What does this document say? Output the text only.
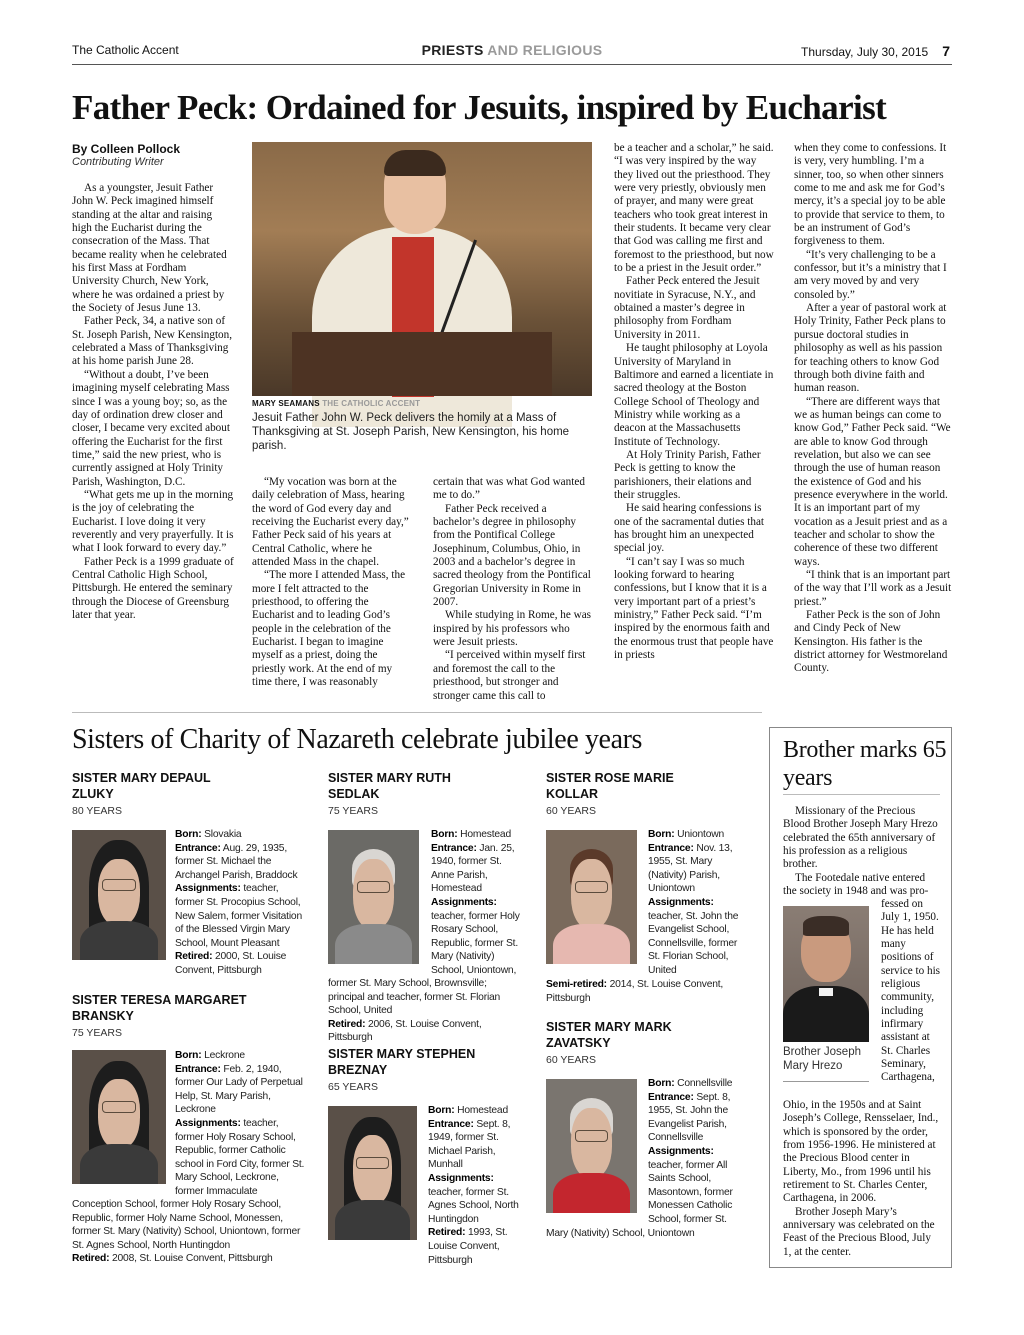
The Catholic Accent	PRIESTS AND RELIGIOUS	Thursday, July 30, 2015 7
Father Peck: Ordained for Jesuits, inspired by Eucharist
By Colleen Pollock
Contributing Writer

As a youngster, Jesuit Father John W. Peck imagined himself standing at the altar and raising high the Eucharist during the consecration of the Mass. That became reality when he celebrated his first Mass at Fordham University Church, New York, where he was ordained a priest by the Society of Jesus June 13.

Father Peck, 34, a native son of St. Joseph Parish, New Kensington, celebrated a Mass of Thanksgiving at his home parish June 28.

“Without a doubt, I’ve been imagining myself celebrating Mass since I was a young boy; so, as the day of ordination drew closer and closer, I became very excited about offering the Eucharist for the first time,” said the new priest, who is currently assigned at Holy Trinity Parish, Washington, D.C.

“What gets me up in the morning is the joy of celebrating the Eucharist. I love doing it very reverently and very prayerfully. It is what I look forward to every day.”

Father Peck is a 1999 graduate of Central Catholic High School, Pittsburgh. He entered the seminary through the Diocese of Greensburg later that year.

MARY SEAMANS THE CATHOLIC ACCENT
Jesuit Father John W. Peck delivers the homily at a Mass of Thanksgiving at St. Joseph Parish, New Kensington, his home parish.

“My vocation was born at the daily celebration of Mass, hearing the word of God every day and receiving the Eucharist every day,” Father Peck said of his years at Central Catholic, where he attended Mass in the chapel.

“The more I attended Mass, the more I felt attracted to the priesthood, to offering the Eucharist and to leading God’s people in the celebration of the Eucharist. I began to imagine myself as a priest, doing the priestly work. At the end of my time there, I was reasonably

certain that was what God wanted me to do.”

Father Peck received a bachelor’s degree in philosophy from the Pontifical College Josephinum, Columbus, Ohio, in 2003 and a bachelor’s degree in sacred theology from the Pontifical Gregorian University in Rome in 2007.

While studying in Rome, he was inspired by his professors who were Jesuit priests.

“I perceived within myself first and foremost the call to the priesthood, but stronger and stronger came this call to

be a teacher and a scholar,” he said. “I was very inspired by the way they lived out the priesthood. They were very priestly, obviously men of prayer, and many were great teachers who took great interest in their students. It became very clear that God was calling me first and foremost to the priesthood, but now to be a priest in the Jesuit order.”

Father Peck entered the Jesuit novitiate in Syracuse, N.Y., and obtained a master’s degree in philosophy from Fordham University in 2011.

He taught philosophy at Loyola University of Maryland in Baltimore and earned a licentiate in sacred theology at the Boston College School of Theology and Ministry while working as a deacon at the Massachusetts Institute of Technology.

At Holy Trinity Parish, Father Peck is getting to know the parishioners, their elations and their struggles.

He said hearing confessions is one of the sacramental duties that has brought him an unexpected special joy.

“I can’t say I was so much looking forward to hearing confessions, but I know that it is a very important part of a priest’s ministry,” Father Peck said. “I’m inspired by the enormous faith and the enormous trust that people have in priests

when they come to confessions. It is very, very humbling. I’m a sinner, too, so when other sinners come to me and ask me for God’s mercy, it’s a special joy to be able to provide that service to them, to be an instrument of God’s forgiveness to them.

“It’s very challenging to be a confessor, but it’s a ministry that I am very moved by and very consoled by.”

After a year of pastoral work at Holy Trinity, Father Peck plans to pursue doctoral studies in philosophy as well as his passion for teaching others to know God through both divine faith and human reason.

“There are different ways that we as human beings can come to know God,” Father Peck said. “We are able to know God through revelation, but also we can see through the use of human reason the existence of God and his presence everywhere in the world. It is an important part of my vocation as a Jesuit priest and as a teacher and scholar to show the coherence of these two different ways.

“I think that is an important part of the way that I’ll work as a Jesuit priest.”

Father Peck is the son of John and Cindy Peck of New Kensington. His father is the district attorney for Westmoreland County.

Sisters of Charity of Nazareth celebrate jubilee years
SISTER MARY DEPAUL ZLUKY
80 YEARS
Born: Slovakia
Entrance: Aug. 29, 1935, former St. Michael the Archangel Parish, Braddock
Assignments: teacher, former St. Procopius School, New Salem, former Visitation of the Blessed Virgin Mary School, Mount Pleasant
Retired: 2000, St. Louise Convent, Pittsburgh
SISTER TERESA MARGARET BRANSKY
75 YEARS
Born: Leckrone
Entrance: Feb. 2, 1940, former Our Lady of Perpetual Help, St. Mary Parish, Leckrone
Assignments: teacher, former Holy Rosary School, Republic, former Catholic school in Ford City, former St. Mary School, Leckrone, former Immaculate
Conception School, former Holy Rosary School, Republic, former Holy Name School, Monessen, former St. Mary (Nativity) School, Uniontown, former St. Agnes School, North Huntingdon
Retired: 2008, St. Louise Convent, Pittsburgh
SISTER MARY RUTH SEDLAK
75 YEARS
Born: Homestead
Entrance: Jan. 25, 1940, former St. Anne Parish, Homestead
Assignments: teacher, former Holy Rosary School, Republic, former St. Mary (Nativity) School, Uniontown,
former St. Mary School, Brownsville; principal and teacher, former St. Florian School, United
Retired: 2006, St. Louise Convent, Pittsburgh
SISTER MARY STEPHEN BREZNAY
65 YEARS
Born: Homestead
Entrance: Sept. 8, 1949, former St. Michael Parish, Munhall
Assignments: teacher, former St. Agnes School, North Huntingdon
Retired: 1993, St. Louise Convent, Pittsburgh
SISTER ROSE MARIE KOLLAR
60 YEARS
Born: Uniontown
Entrance: Nov. 13, 1955, St. Mary (Nativity) Parish, Uniontown
Assignments: teacher, St. John the Evangelist School, Connellsville, former St. Florian School, United
Semi-retired: 2014, St. Louise Convent, Pittsburgh
SISTER MARY MARK ZAVATSKY
60 YEARS
Born: Connellsville
Entrance: Sept. 8, 1955, St. John the Evangelist Parish, Connellsville
Assignments: teacher, former All Saints School, Masontown, former Monessen Catholic School, former St.
Mary (Nativity) School, Uniontown
Brother marks 65 years

Missionary of the Precious Blood Brother Joseph Mary Hrezo celebrated the 65th anniversary of his profession as a religious brother.

The Footedale native entered the society in 1948 and was pro-

fessed on July 1, 1950. He has held many positions of service to his religious community, including infirmary assistant at St. Charles Seminary, Carthagena,

Brother Joseph Mary Hrezo

Ohio, in the 1950s and at Saint Joseph’s College, Rensselaer, Ind., which is sponsored by the order, from 1956-1996. He ministered at the Precious Blood center in Liberty, Mo., from 1996 until his retirement to St. Charles Center, Carthagena, in 2006.

Brother Joseph Mary’s anniversary was celebrated on the Feast of the Precious Blood, July 1, at the center.
